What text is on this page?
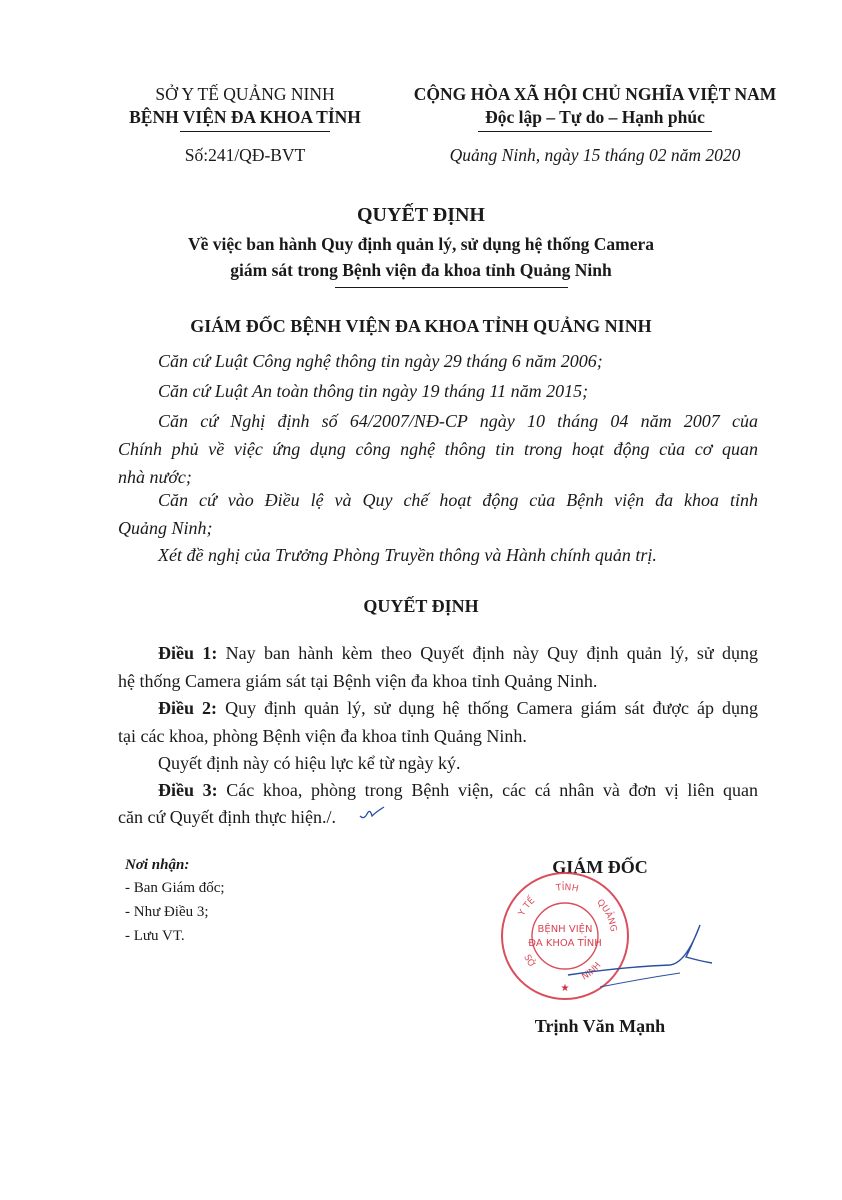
SỞ Y TẾ QUẢNG NINH
BỆNH VIỆN ĐA KHOA TỈNH
Số:241/QĐ-BVT
CỘNG HÒA XÃ HỘI CHỦ NGHĨA VIỆT NAM
Độc lập – Tự do – Hạnh phúc
Quảng Ninh, ngày 15 tháng 02 năm 2020
QUYẾT ĐỊNH
Về việc ban hành Quy định quản lý, sử dụng hệ thống Camera
giám sát trong Bệnh viện đa khoa tỉnh Quảng Ninh
GIÁM ĐỐC BỆNH VIỆN ĐA KHOA TỈNH QUẢNG NINH
Căn cứ Luật Công nghệ thông tin ngày 29 tháng 6 năm 2006;
Căn cứ Luật An toàn thông tin ngày 19 tháng 11 năm 2015;
Căn cứ Nghị định số 64/2007/NĐ-CP ngày 10 tháng 04 năm 2007 của
Chính phủ về việc ứng dụng công nghệ thông tin trong hoạt động của cơ quan
nhà nước;
Căn cứ vào Điều lệ và Quy chế hoạt động của Bệnh viện đa khoa tỉnh
Quảng Ninh;
Xét đề nghị của Trưởng Phòng Truyền thông và Hành chính quản trị.
QUYẾT ĐỊNH
Điều 1: Nay ban hành kèm theo Quyết định này Quy định quản lý, sử dụng
hệ thống Camera giám sát tại Bệnh viện đa khoa tỉnh Quảng Ninh.
Điều 2: Quy định quản lý, sử dụng hệ thống Camera giám sát được áp dụng
tại các khoa, phòng Bệnh viện đa khoa tỉnh Quảng Ninh.
Quyết định này có hiệu lực kể từ ngày ký.
Điều 3: Các khoa, phòng trong Bệnh viện, các cá nhân và đơn vị liên quan
căn cứ Quyết định thực hiện./.
Nơi nhận:
- Ban Giám đốc;
- Như Điều 3;
- Lưu VT.
GIÁM ĐỐC
Y TẾ
TỈNH
QUẢNG
SỞ
NINH
BỆNH VIỆN
ĐA KHOA TỈNH
★
Trịnh Văn Mạnh
